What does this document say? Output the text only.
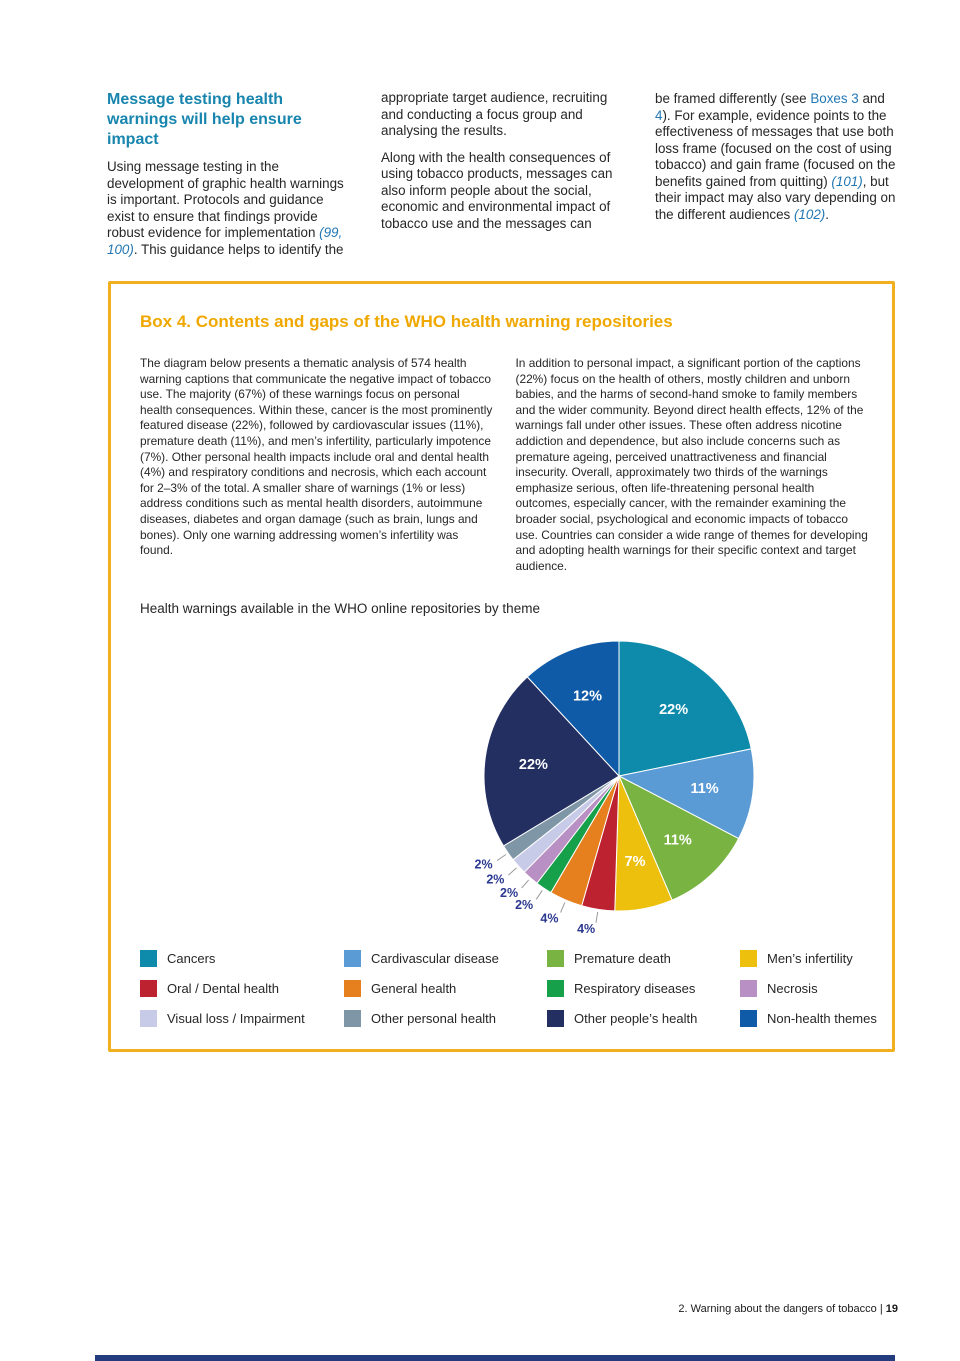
Message testing health warnings will help ensure impact

Using message testing in the development of graphic health warnings is important. Protocols and guidance exist to ensure that findings provide robust evidence for implementation (99, 100). This guidance helps to identify the

appropriate target audience, recruiting and conducting a focus group and analysing the results.

Along with the health consequences of using tobacco products, messages can also inform people about the social, economic and environmental impact of tobacco use and the messages can

be framed differently (see Boxes 3 and 4). For example, evidence points to the effectiveness of messages that use both loss frame (focused on the cost of using tobacco) and gain frame (focused on the benefits gained from quitting) (101), but their impact may also vary depending on the different audiences (102).

Box 4. Contents and gaps of the WHO health warning repositories
The diagram below presents a thematic analysis of 574 health warning captions that communicate the negative impact of tobacco use. The majority (67%) of these warnings focus on personal health consequences. Within these, cancer is the most prominently featured disease (22%), followed by cardiovascular issues (11%), premature death (11%), and men’s infertility, particularly impotence (7%). Other personal health impacts include oral and dental health (4%) and respiratory conditions and necrosis, which each account for 2–3% of the total. A smaller share of warnings (1% or less) address conditions such as mental health disorders, autoimmune diseases, diabetes and organ damage (such as brain, lungs and bones). Only one warning addressing women’s infertility was found.
In addition to personal impact, a significant portion of the captions (22%) focus on the health of others, mostly children and unborn babies, and the harms of second-hand smoke to family members and the wider community. Beyond direct health effects, 12% of the warnings fall under other issues. These often address nicotine addiction and dependence, but also include concerns such as premature ageing, perceived unattractiveness and financial insecurity. Overall, approximately two thirds of the warnings emphasize serious, often life-threatening personal health outcomes, especially cancer, with the remainder examining the broader social, psychological and economic impacts of tobacco use. Countries can consider a wide range of themes for developing and adopting health warnings for their specific context and target audience.
Health warnings available in the WHO online repositories by theme
22%
11%
11%
7%
4%
4%
2%
2%
2%
2%
22%
12%
Cancers	Cardivascular disease	Premature death	Men’s infertility
Oral / Dental health	General health	Respiratory diseases	Necrosis
Visual loss / Impairment	Other personal health	Other people’s health	Non-health themes
2. Warning about the dangers of tobacco | 19
